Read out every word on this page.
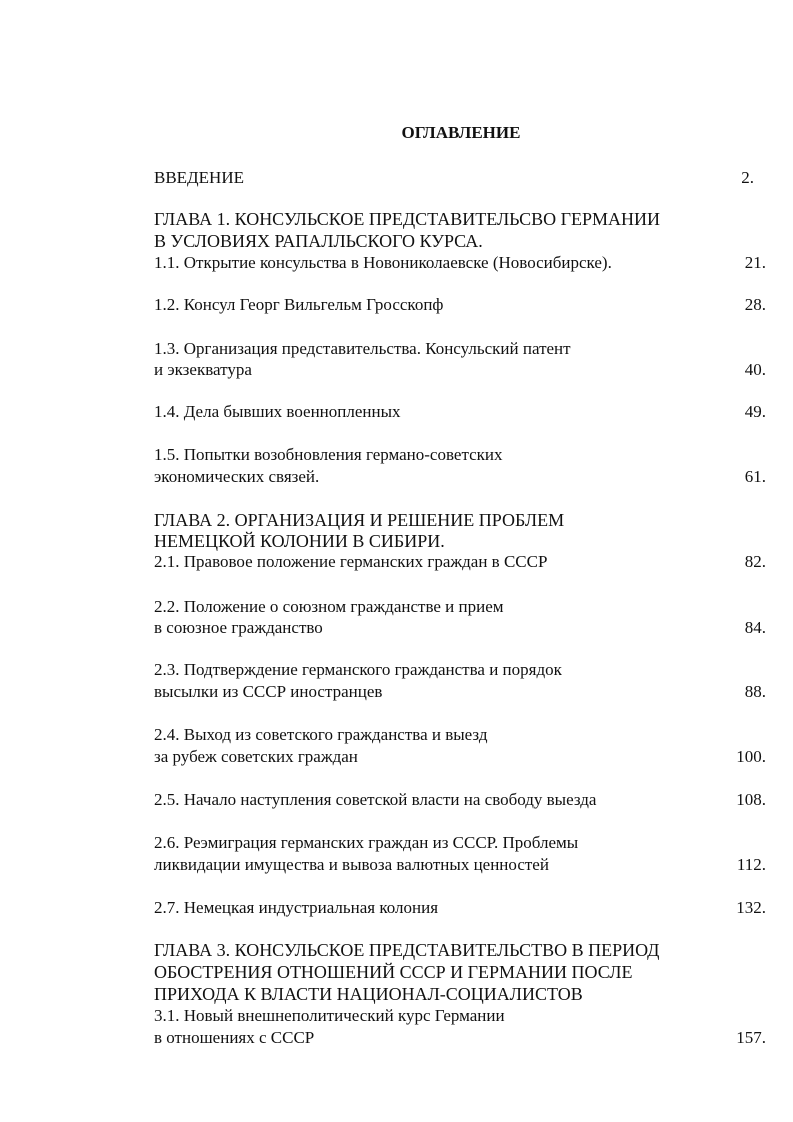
ОГЛАВЛЕНИЕ
ВВЕДЕНИЕ	2.
ГЛАВА 1. КОНСУЛЬСКОЕ ПРЕДСТАВИТЕЛЬСВО ГЕРМАНИИ
В УСЛОВИЯХ РАПАЛЛЬСКОГО КУРСА.
1.1. Открытие консульства в Новониколаевске (Новосибирске).	21.
1.2. Консул Георг Вильгельм Гросскопф	28.
1.3. Организация представительства. Консульский патент
и экзекватура	40.
1.4. Дела бывших военнопленных	49.
1.5. Попытки возобновления германо-советских
экономических связей.	61.
ГЛАВА 2. ОРГАНИЗАЦИЯ И РЕШЕНИЕ ПРОБЛЕМ
НЕМЕЦКОЙ КОЛОНИИ В СИБИРИ.
2.1. Правовое положение германских граждан в СССР	82.
2.2. Положение о союзном гражданстве и прием
в союзное гражданство	84.
2.3. Подтверждение германского гражданства и порядок
высылки из СССР иностранцев	88.
2.4. Выход из советского гражданства и выезд
за рубеж советских граждан	100.
2.5. Начало наступления советской власти на свободу выезда	108.
2.6. Реэмиграция германских граждан из СССР. Проблемы
ликвидации имущества и вывоза валютных ценностей	112.
2.7. Немецкая индустриальная колония	132.
ГЛАВА 3. КОНСУЛЬСКОЕ ПРЕДСТАВИТЕЛЬСТВО В ПЕРИОД
ОБОСТРЕНИЯ ОТНОШЕНИЙ СССР И ГЕРМАНИИ ПОСЛЕ
ПРИХОДА К ВЛАСТИ НАЦИОНАЛ-СОЦИАЛИСТОВ
3.1. Новый внешнеполитический курс Германии
в отношениях с СССР	157.
